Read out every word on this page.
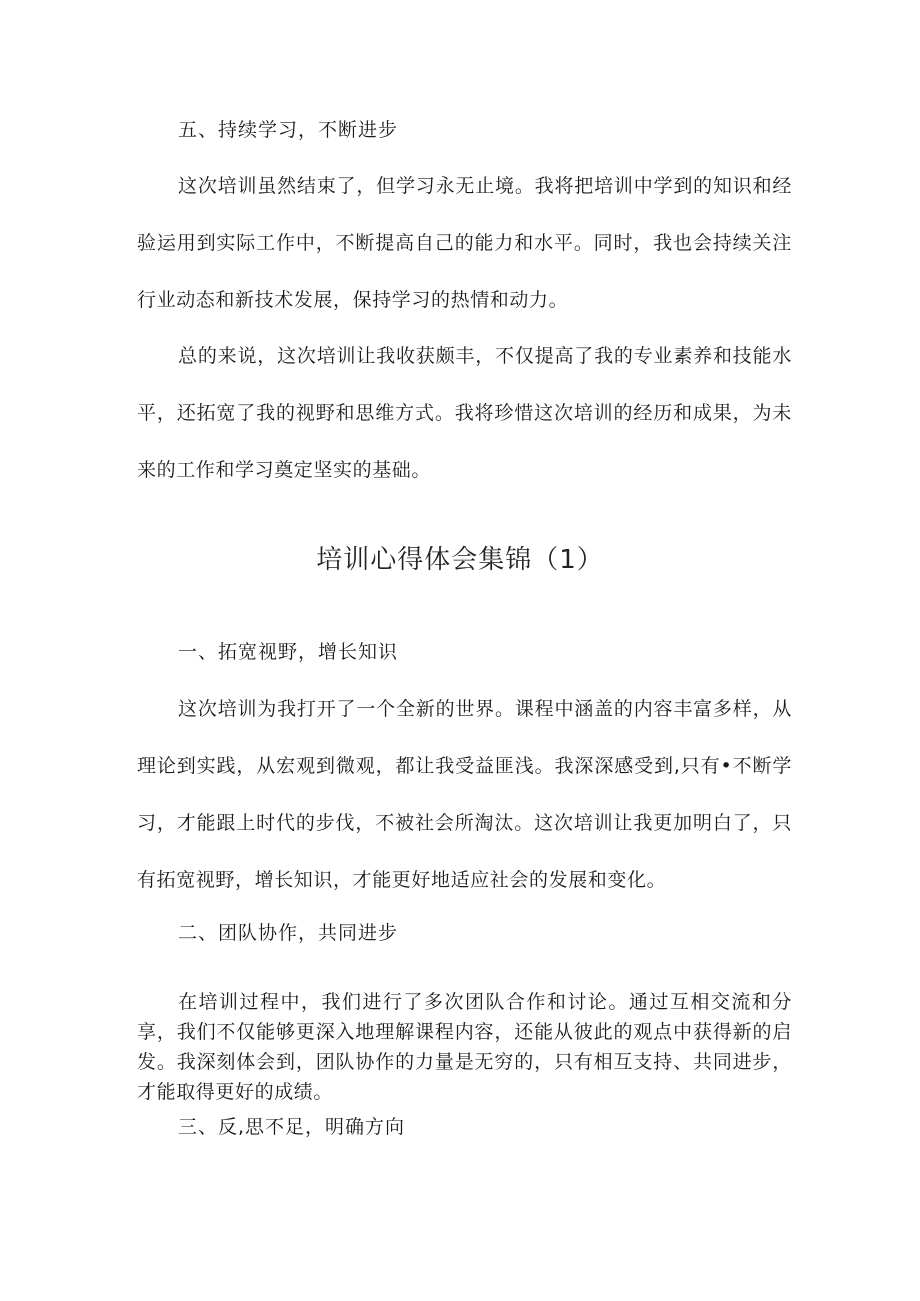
五、持续学习，不断进步

这次培训虽然结束了，但学习永无止境。我将把培训中学到的知识和经验运用到实际工作中，不断提高自己的能力和水平。同时，我也会持续关注行业动态和新技术发展，保持学习的热情和动力。

总的来说，这次培训让我收获颇丰，不仅提高了我的专业素养和技能水平，还拓宽了我的视野和思维方式。我将珍惜这次培训的经历和成果，为未来的工作和学习奠定坚实的基础。

培训心得体会集锦（1）
一、拓宽视野，增长知识

这次培训为我打开了一个全新的世界。课程中涵盖的内容丰富多样，从理论到实践，从宏观到微观，都让我受益匪浅。我深深感受到,只有•不断学习，才能跟上时代的步伐，不被社会所淘汰。这次培训让我更加明白了，只有拓宽视野，增长知识，才能更好地适应社会的发展和变化。

二、团队协作，共同进步

在培训过程中，我们进行了多次团队合作和讨论。通过互相交流和分享，我们不仅能够更深入地理解课程内容，还能从彼此的观点中获得新的启发。我深刻体会到，团队协作的力量是无穷的，只有相互支持、共同进步，才能取得更好的成绩。

三、反,思不足，明确方向
